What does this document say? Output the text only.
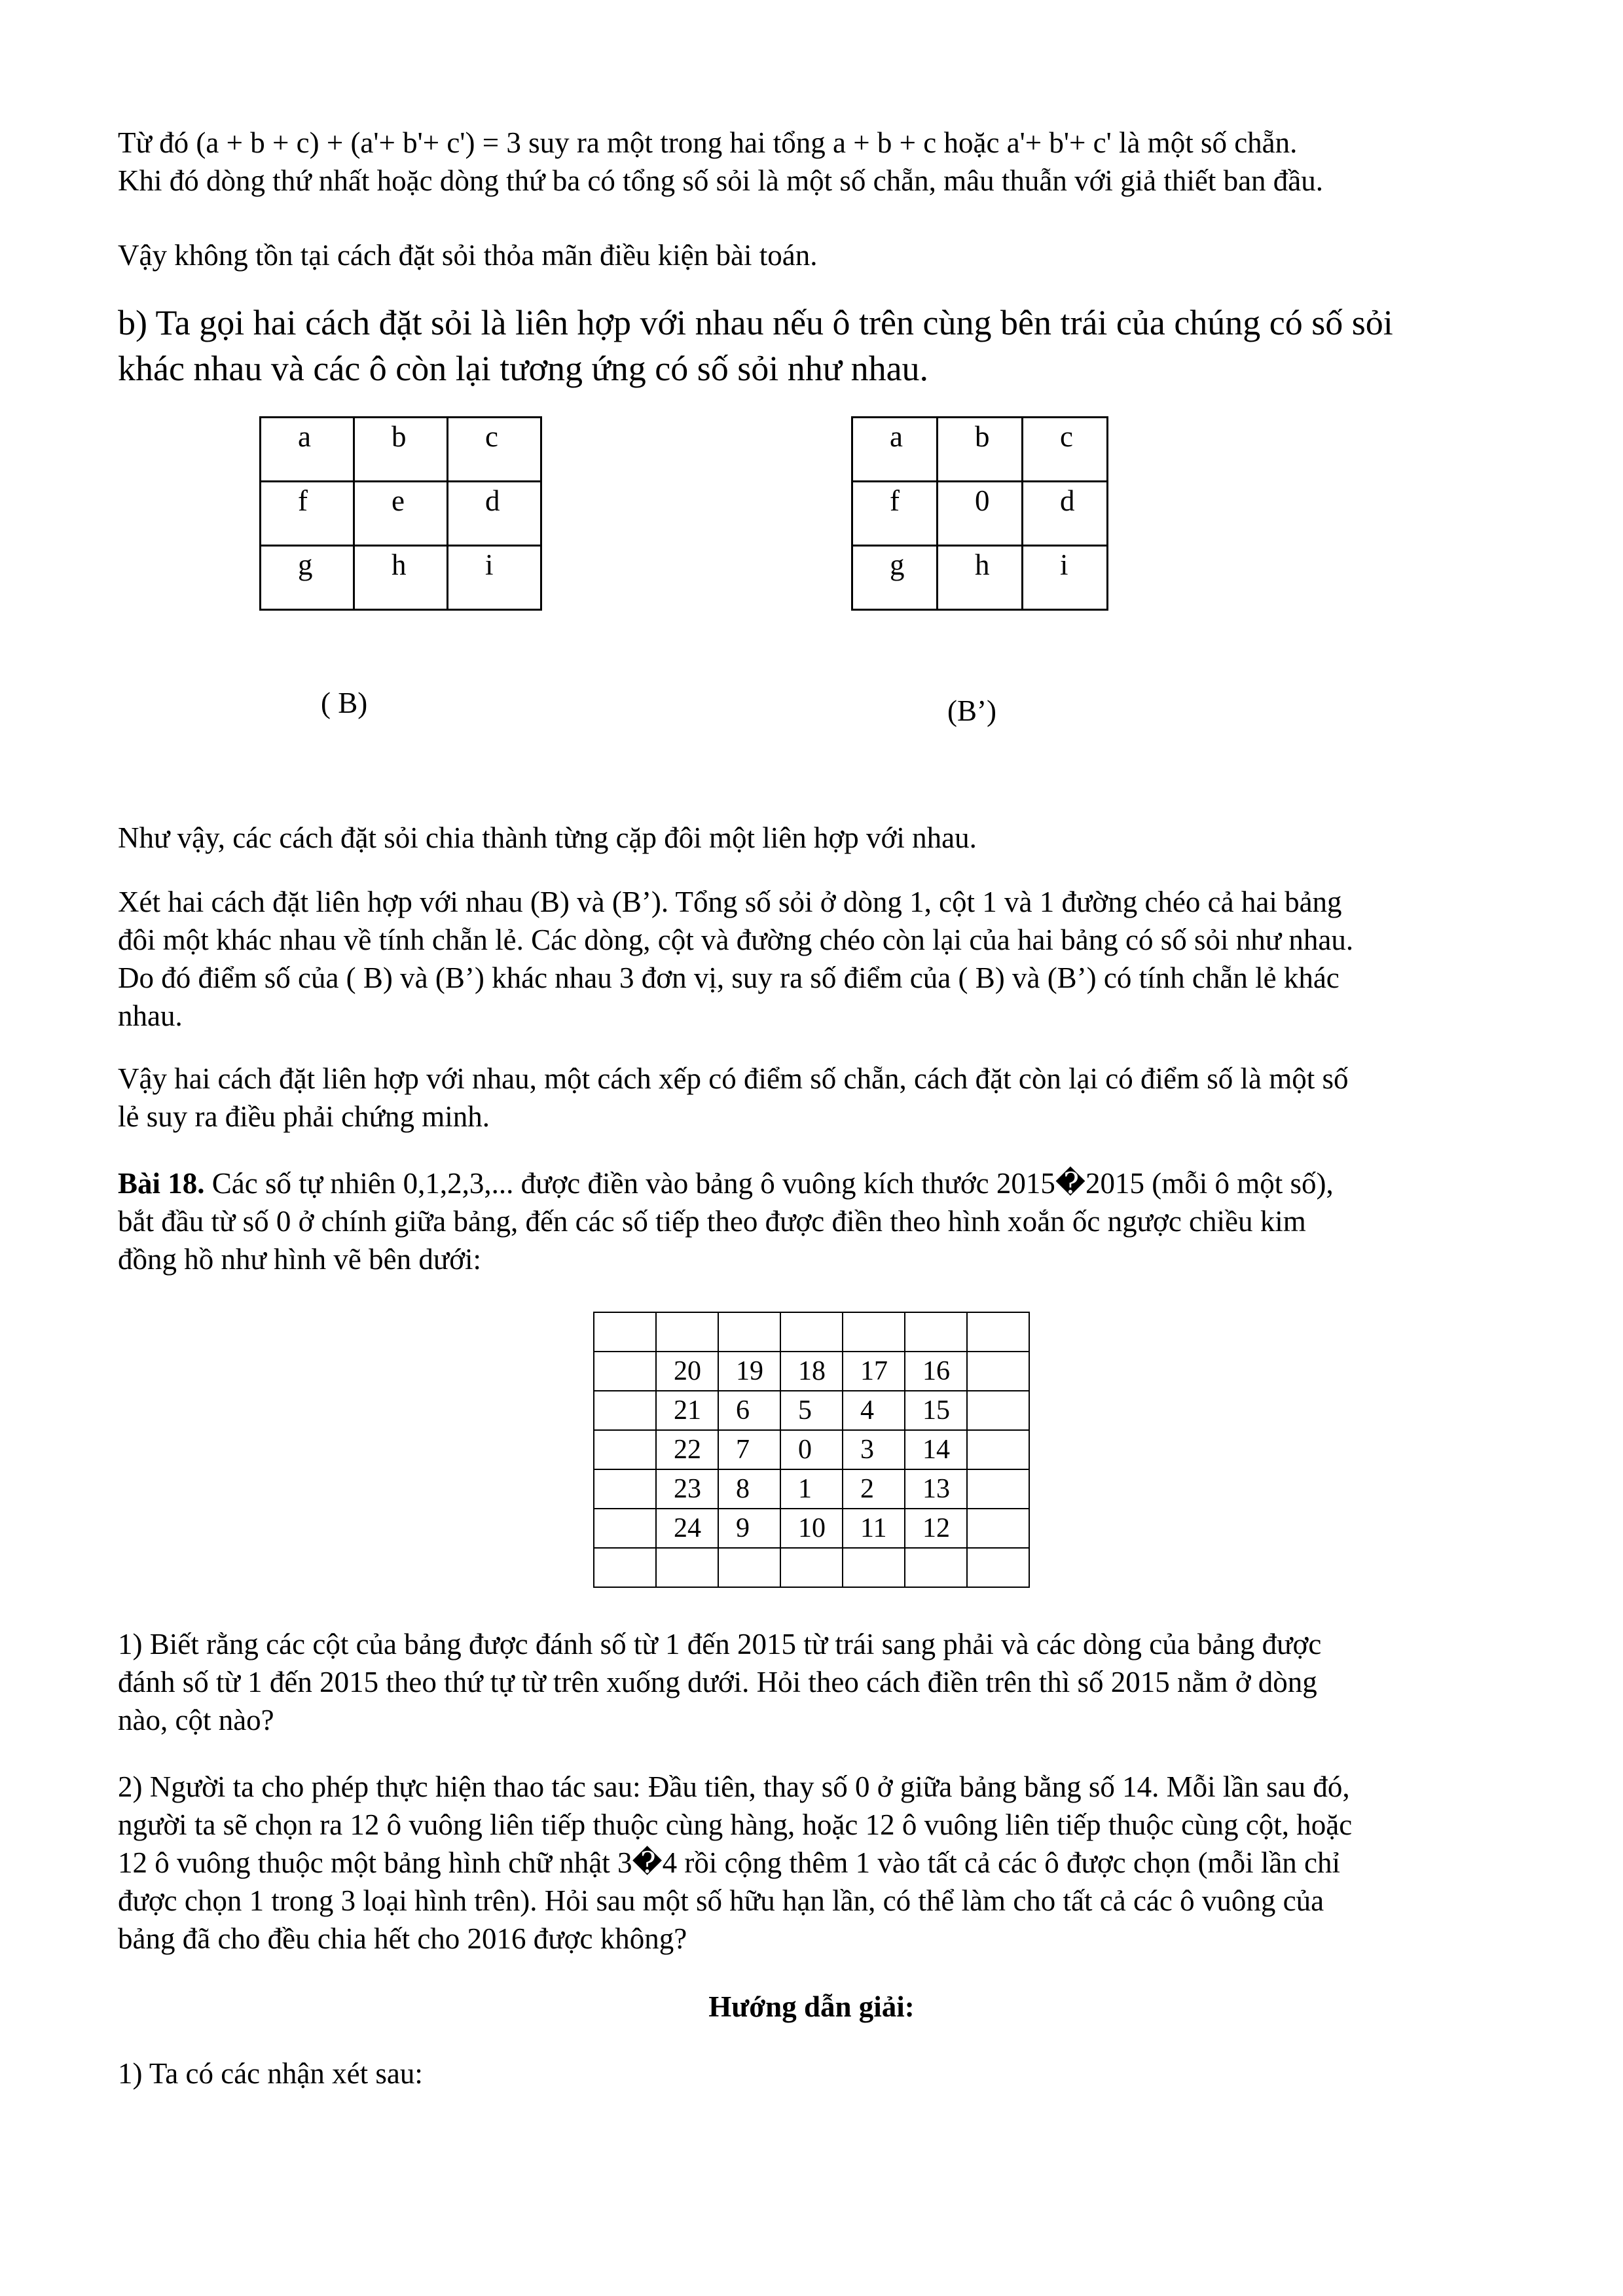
Từ đó (a + b + c) + (a'+ b'+ c') = 3 suy ra một trong hai tổng a + b + c hoặc a'+ b'+ c' là một số chẵn.
Khi đó dòng thứ nhất hoặc dòng thứ ba có tổng số sỏi là một số chẵn, mâu thuẫn với giả thiết ban đầu.
Vậy không tồn tại cách đặt sỏi thỏa mãn điều kiện bài toán.
b) Ta gọi hai cách đặt sỏi là liên hợp với nhau nếu ô trên cùng bên trái của chúng có số sỏi
khác nhau và các ô còn lại tương ứng có số sỏi như nhau.
a	b	c
f	e	d
g	h	i
( B)
a	b	c
f	0	d
g	h	i
(B’)
Như vậy, các cách đặt sỏi chia thành từng cặp đôi một liên hợp với nhau.
Xét hai cách đặt liên hợp với nhau (B) và (B’). Tổng số sỏi ở dòng 1, cột 1 và 1 đường chéo cả hai bảng
đôi một khác nhau về tính chẵn lẻ. Các dòng, cột và đường chéo còn lại của hai bảng có số sỏi như nhau.
Do đó điểm số của ( B) và (B’) khác nhau 3 đơn vị, suy ra số điểm của ( B) và (B’) có tính chẵn lẻ khác
nhau.
Vậy hai cách đặt liên hợp với nhau, một cách xếp có điểm số chẵn, cách đặt còn lại có điểm số là một số
lẻ suy ra điều phải chứng minh.
Bài 18. Các số tự nhiên 0,1,2,3,... được điền vào bảng ô vuông kích thước 2015�2015 (mỗi ô một số),
bắt đầu từ số 0 ở chính giữa bảng, đến các số tiếp theo được điền theo hình xoắn ốc ngược chiều kim
đồng hồ như hình vẽ bên dưới:

	20	19	18	17	16	
	21	6	5	4	15	
	22	7	0	3	14	
	23	8	1	2	13	
	24	9	10	11	12	

1) Biết rằng các cột của bảng được đánh số từ 1 đến 2015 từ trái sang phải và các dòng của bảng được
đánh số từ 1 đến 2015 theo thứ tự từ trên xuống dưới. Hỏi theo cách điền trên thì số 2015 nằm ở dòng
nào, cột nào?
2) Người ta cho phép thực hiện thao tác sau: Đầu tiên, thay số 0 ở giữa bảng bằng số 14. Mỗi lần sau đó,
người ta sẽ chọn ra 12 ô vuông liên tiếp thuộc cùng hàng, hoặc 12 ô vuông liên tiếp thuộc cùng cột, hoặc
12 ô vuông thuộc một bảng hình chữ nhật 3�4 rồi cộng thêm 1 vào tất cả các ô được chọn (mỗi lần chỉ
được chọn 1 trong 3 loại hình trên). Hỏi sau một số hữu hạn lần, có thể làm cho tất cả các ô vuông của
bảng đã cho đều chia hết cho 2016 được không?
Hướng dẫn giải:
1) Ta có các nhận xét sau:
